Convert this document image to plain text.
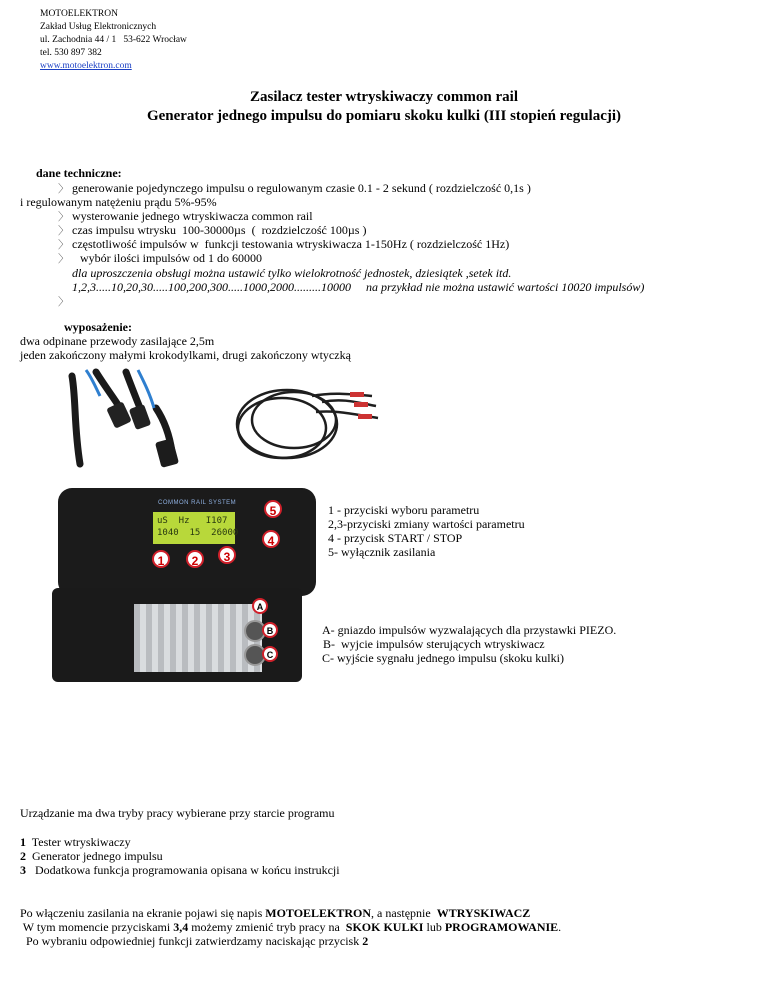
MOTOELEKTRON
Zakład Usług Elektronicznych
ul. Zachodnia 44 / 1   53-622 Wrocław
tel. 530 897 382
www.motoelektron.com
Zasilacz tester wtryskiwaczy common rail
Generator jednego impulsu do pomiaru skoku kulki (III stopień regulacji)
dane techniczne:
〉 generowanie pojedynczego impulsu o regulowanym czasie 0.1 - 2 sekund ( rozdzielczość 0,1s )
i regulowanym natężeniu prądu 5%-95%
〉 wysterowanie jednego wtryskiwacza common rail
〉 czas impulsu wtrysku  100-30000µs  (  rozdzielczość 100µs )
〉 częstotliwość impulsów w  funkcji testowania wtryskiwacza 1-150Hz ( rozdzielczość 1Hz)
〉 wybór ilości impulsów od 1 do 60000
dla uproszczenia obsługi można ustawić tylko wielokrotność jednostek, dziesiątek ,setek itd.
1,2,3.....10,20,30.....100,200,300.....1000,2000.........10000     na przykład nie można ustawić wartości 10020 impulsów)
〉
wyposażenie:
dwa odpinane przewody zasilające 2,5m
jeden zakończony małymi krokodylkami, drugi zakończony wtyczką
COMMON RAIL SYSTEM
uS  Hz   I107
1040  15  26000
1	2	3
4
5	1 - przyciski wyboru parametru
2,3-przyciski zmiany wartości parametru
4 - przycisk START / STOP
5- wyłącznik zasilania
A
B
C
A- gniazdo impulsów wyzwalających dla przystawki PIEZO.
B-  wyjcie impulsów sterujących wtryskiwacz
C- wyjście sygnału jednego impulsu (skoku kulki)
Urządzanie ma dwa tryby pracy wybierane przy starcie programu
1  Tester wtryskiwaczy
2  Generator jednego impulsu
3   Dodatkowa funkcja programowania opisana w końcu instrukcji
Po włączeniu zasilania na ekranie pojawi się napis MOTOELEKTRON, a następnie  WTRYSKIWACZ
W tym momencie przyciskami 3,4 możemy zmienić tryb pracy na  SKOK KULKI lub PROGRAMOWANIE.
Po wybraniu odpowiedniej funkcji zatwierdzamy naciskając przycisk 2
